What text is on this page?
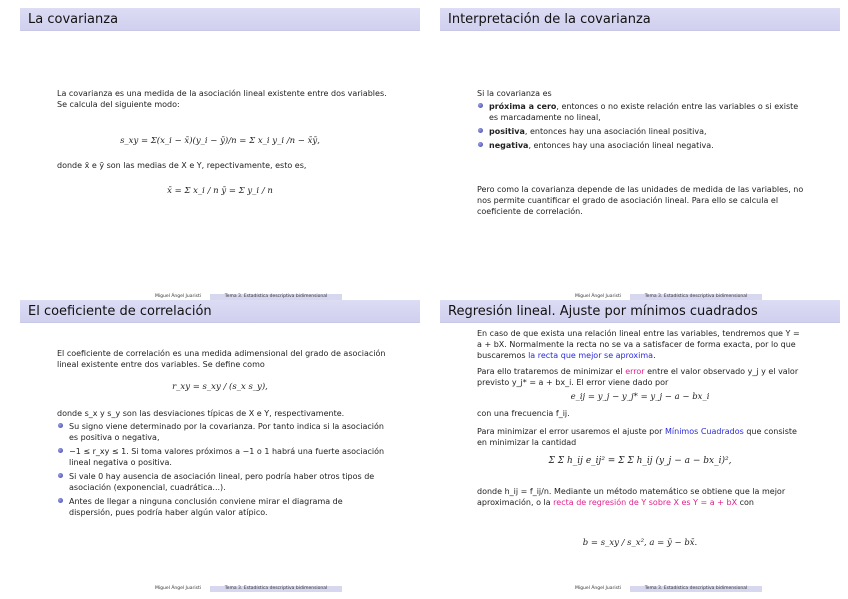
La covarianza
La covarianza es una medida de la asociación lineal existente entre dos variables. Se calcula del siguiente modo:
s_xy = Σ(x_i − x̄)(y_i − ȳ)/n = Σ x_i y_i /n − x̄ȳ,
donde x̄ e ȳ son las medias de X e Y, repectivamente, esto es,
x̄ = Σ x_i / n ȳ = Σ y_i / n
Miguel Ángel Juaristi	Tema 3. Estadística descriptiva bidimensional
Interpretación de la covarianza
Si la covarianza es
próxima a cero, entonces o no existe relación entre las variables o si existe es marcadamente no lineal,
positiva, entonces hay una asociación lineal positiva,
negativa, entonces hay una asociación lineal negativa.
Pero como la covarianza depende de las unidades de medida de las variables, no nos permite cuantificar el grado de asociación lineal. Para ello se calcula el coeficiente de correlación.
Miguel Ángel Juaristi	Tema 3. Estadística descriptiva bidimensional
El coeficiente de correlación
El coeficiente de correlación es una medida adimensional del grado de asociación lineal existente entre dos variables. Se define como
r_xy = s_xy / (s_x s_y),
donde s_x y s_y son las desviaciones típicas de X e Y, respectivamente.
Su signo viene determinado por la covarianza. Por tanto indica si la asociación es positiva o negativa,
−1 ≤ r_xy ≤ 1. Si toma valores próximos a −1 o 1 habrá una fuerte asociación lineal negativa o positiva.
Si vale 0 hay ausencia de asociación lineal, pero podría haber otros tipos de asociación (exponencial, cuadrática...).
Antes de llegar a ninguna conclusión conviene mirar el diagrama de dispersión, pues podría haber algún valor atípico.
Miguel Ángel Juaristi	Tema 3. Estadística descriptiva bidimensional
Regresión lineal. Ajuste por mínimos cuadrados
En caso de que exista una relación lineal entre las variables, tendremos que Y = a + bX. Normalmente la recta no se va a satisfacer de forma exacta, por lo que buscaremos la recta que mejor se aproxima.
Para ello trataremos de minimizar el error entre el valor observado y_j y el valor previsto y_j* = a + bx_i. El error viene dado por
e_ij = y_j − y_j* = y_j − a − bx_i
con una frecuencia f_ij.
Para minimizar el error usaremos el ajuste por Mínimos Cuadrados que consiste en minimizar la cantidad
Σ Σ h_ij e_ij² = Σ Σ h_ij (y_j − a − bx_i)²,
donde h_ij = f_ij/n. Mediante un método matemático se obtiene que la mejor aproximación, o la recta de regresión de Y sobre X es Y = a + bX con
b = s_xy / s_x², a = ȳ − bx̄.
Miguel Ángel Juaristi	Tema 3. Estadística descriptiva bidimensional
